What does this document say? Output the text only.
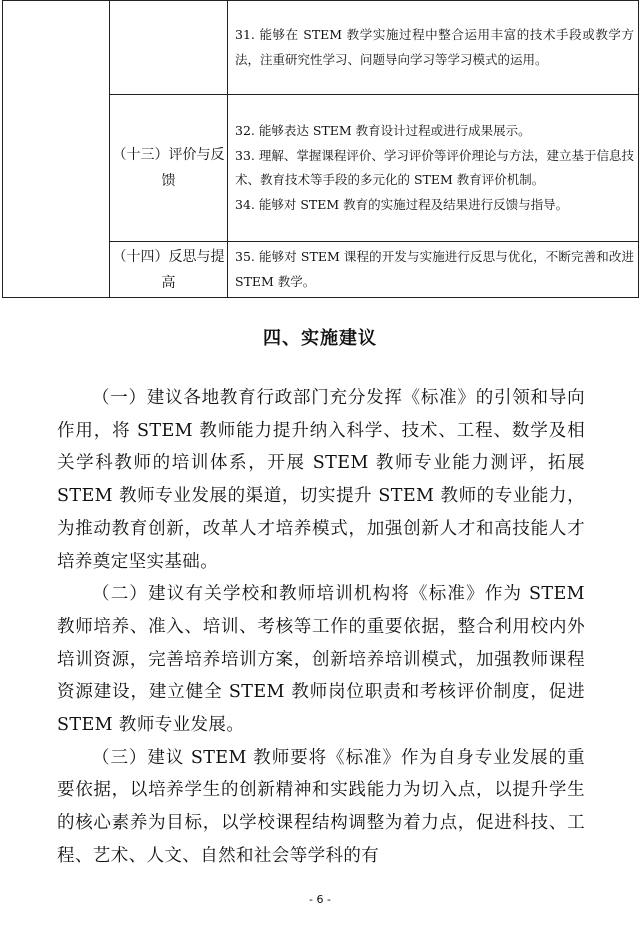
		31. 能够在 STEM 教学实施过程中整合运用丰富的技术手段或教学方法，注重研究性学习、问题导向学习等学习模式的运用。

	（十三）评价与反馈	32. 能够表达 STEM 教育设计过程或进行成果展示。

33. 理解、掌握课程评价、学习评价等评价理论与方法，建立基于信息技术、教育技术等手段的多元化的 STEM 教育评价机制。

34. 能够对 STEM 教育的实施过程及结果进行反馈与指导。

	（十四）反思与提高	35. 能够对 STEM 课程的开发与实施进行反思与优化，不断完善和改进 STEM 教学。

四、实施建议

（一）建议各地教育行政部门充分发挥《标准》的引领和导向作用，将 STEM 教师能力提升纳入科学、技术、工程、数学及相关学科教师的培训体系，开展 STEM 教师专业能力测评，拓展 STEM 教师专业发展的渠道，切实提升 STEM 教师的专业能力，为推动教育创新，改革人才培养模式，加强创新人才和高技能人才培养奠定坚实基础。

（二）建议有关学校和教师培训机构将《标准》作为 STEM 教师培养、准入、培训、考核等工作的重要依据，整合利用校内外培训资源，完善培养培训方案，创新培养培训模式，加强教师课程资源建设，建立健全 STEM 教师岗位职责和考核评价制度，促进 STEM 教师专业发展。

（三）建议 STEM 教师要将《标准》作为自身专业发展的重要依据，以培养学生的创新精神和实践能力为切入点，以提升学生的核心素养为目标，以学校课程结构调整为着力点，促进科技、工程、艺术、人文、自然和社会等学科的有

- 6 -
